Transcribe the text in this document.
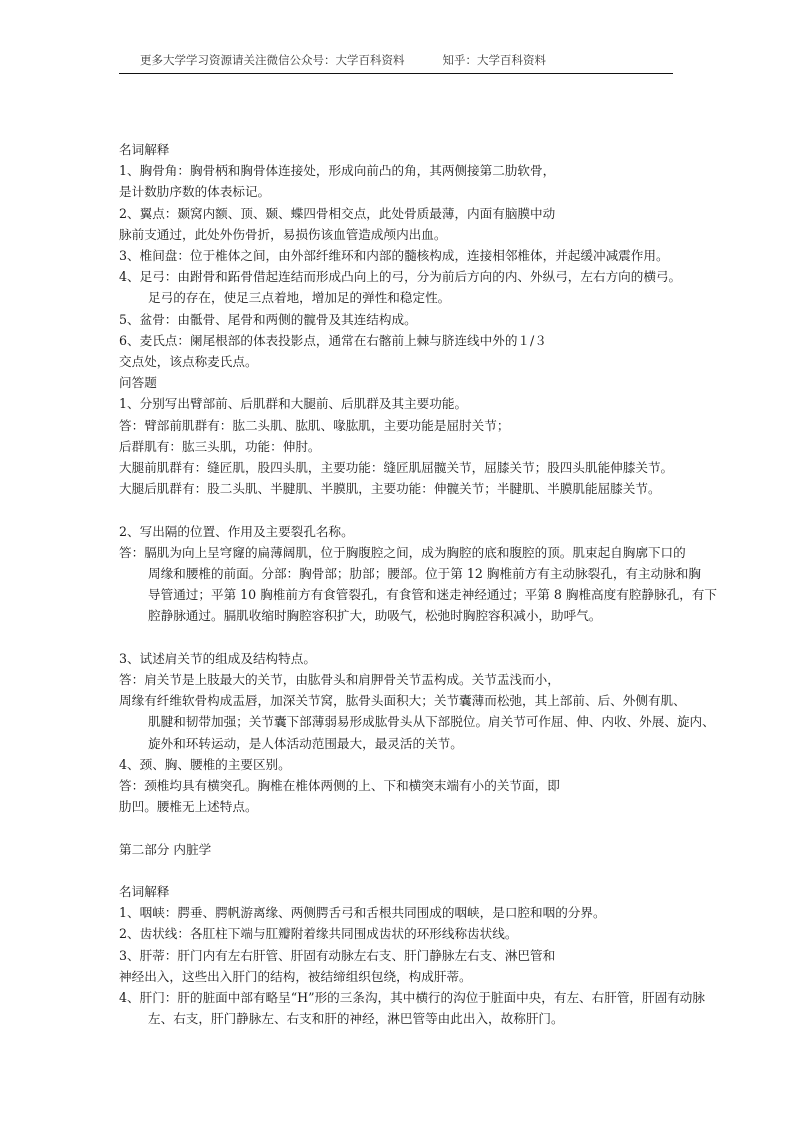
更多大学学习资源请关注微信公众号：大学百科资料	知乎：大学百科资料
名词解释
1、胸骨角：胸骨柄和胸骨体连接处，形成向前凸的角，其两侧接第二肋软骨，
是计数肋序数的体表标记。
2、翼点：颞窝内额、顶、颞、蝶四骨相交点，此处骨质最薄，内面有脑膜中动
脉前支通过，此处外伤骨折，易损伤该血管造成颅内出血。
3、椎间盘：位于椎体之间，由外部纤维环和内部的髓核构成，连接相邻椎体，并起缓冲减震作用。
4、足弓：由跗骨和跖骨借起连结而形成凸向上的弓，分为前后方向的内、外纵弓，左右方向的横弓。
足弓的存在，使足三点着地，增加足的弹性和稳定性。
5、盆骨：由骶骨、尾骨和两侧的髋骨及其连结构成。
6、麦氏点：阑尾根部的体表投影点，通常在右髂前上棘与脐连线中外的１/３
交点处，该点称麦氏点。
问答题
1、分别写出臂部前、后肌群和大腿前、后肌群及其主要功能。
答：臂部前肌群有：肱二头肌、肱肌、喙肱肌，主要功能是屈肘关节；
后群肌有：肱三头肌，功能：伸肘。
大腿前肌群有：缝匠肌，股四头肌，主要功能：缝匠肌屈髋关节，屈膝关节；股四头肌能伸膝关节。
大腿后肌群有：股二头肌、半腱肌、半膜肌，主要功能：伸髋关节；半腱肌、半膜肌能屈膝关节。
2、写出隔的位置、作用及主要裂孔名称。
答：膈肌为向上呈穹窿的扁薄阔肌，位于胸腹腔之间，成为胸腔的底和腹腔的顶。肌束起自胸廓下口的
周缘和腰椎的前面。分部：胸骨部；肋部；腰部。位于第 12 胸椎前方有主动脉裂孔，有主动脉和胸
导管通过；平第 10 胸椎前方有食管裂孔，有食管和迷走神经通过；平第 8 胸椎高度有腔静脉孔，有下
腔静脉通过。膈肌收缩时胸腔容积扩大，助吸气，松弛时胸腔容积减小，助呼气。
3、试述肩关节的组成及结构特点。
答：肩关节是上肢最大的关节，由肱骨头和肩胛骨关节盂构成。关节盂浅而小，
周缘有纤维软骨构成盂唇，加深关节窝，肱骨头面积大；关节囊薄而松弛，其上部前、后、外侧有肌、
肌腱和韧带加强；关节囊下部薄弱易形成肱骨头从下部脱位。肩关节可作屈、伸、内收、外展、旋内、
旋外和环转运动，是人体活动范围最大，最灵活的关节。
4、颈、胸、腰椎的主要区别。
答：颈椎均具有横突孔。胸椎在椎体两侧的上、下和横突末端有小的关节面，即
肋凹。腰椎无上述特点。
第二部分 内脏学
名词解释
1、咽峡：腭垂、腭帆游离缘、两侧腭舌弓和舌根共同围成的咽峡，是口腔和咽的分界。
2、齿状线：各肛柱下端与肛瓣附着缘共同围成齿状的环形线称齿状线。
3、肝蒂：肝门内有左右肝管、肝固有动脉左右支、肝门静脉左右支、淋巴管和
神经出入，这些出入肝门的结构，被结缔组织包绕，构成肝蒂。
4、肝门：肝的脏面中部有略呈“H”形的三条沟，其中横行的沟位于脏面中央，有左、右肝管，肝固有动脉
左、右支，肝门静脉左、右支和肝的神经，淋巴管等由此出入，故称肝门。
